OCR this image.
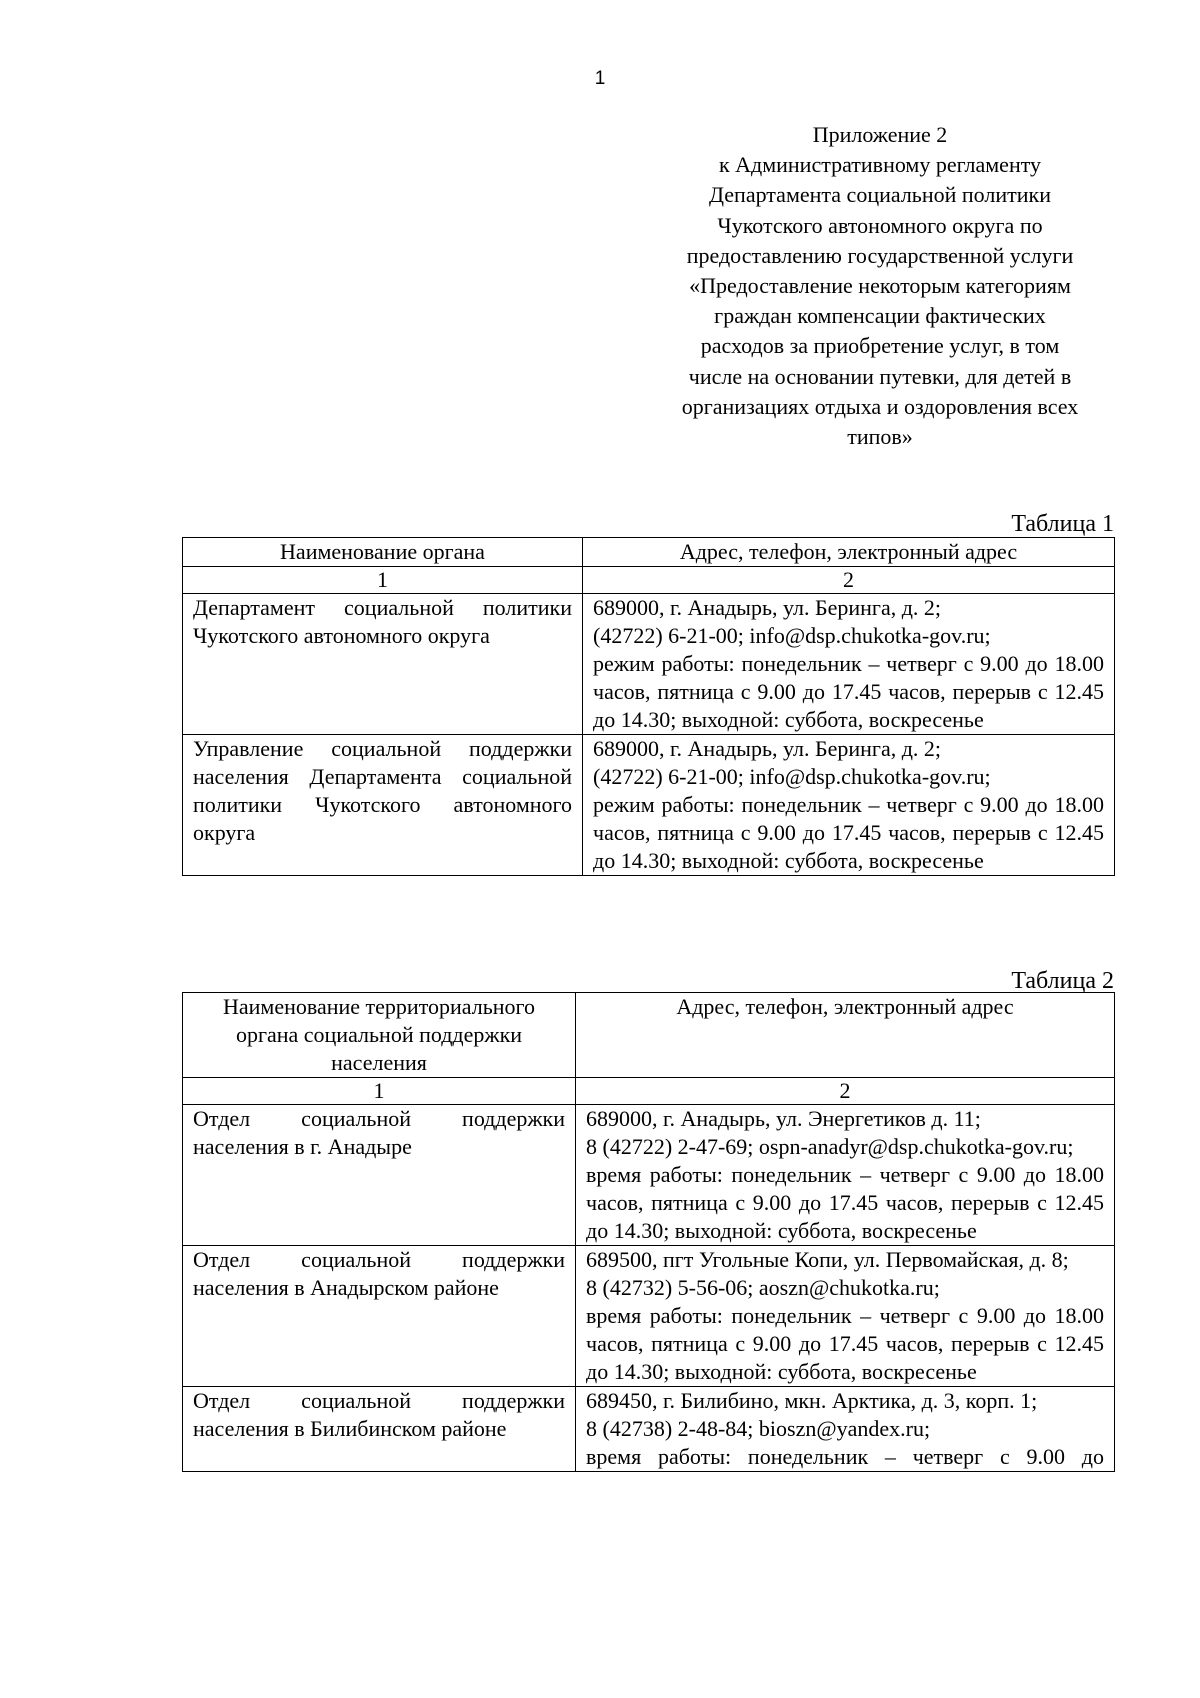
1
Приложение 2
к Административному регламенту
Департамента социальной политики
Чукотского автономного округа по
предоставлению государственной услуги
«Предоставление некоторым категориям
граждан компенсации фактических
расходов за приобретение услуг, в том
числе на основании путевки, для детей в
организациях отдыха и оздоровления всех
типов»
Таблица 1
Наименование органа	Адрес, телефон, электронный адрес
1	2
Департамент социальной политики Чукотского автономного округа	689000, г. Анадырь, ул. Беринга, д. 2;
(42722) 6-21-00; info@dsp.chukotka-gov.ru;
режим работы: понедельник – четверг с 9.00 до 18.00 часов, пятница с 9.00 до 17.45 часов, перерыв с 12.45 до 14.30; выходной: суббота, воскресенье

Управление социальной поддержки населения Департамента социальной политики Чукотского автономного округа	689000, г. Анадырь, ул. Беринга, д. 2;
(42722) 6-21-00; info@dsp.chukotka-gov.ru;
режим работы: понедельник – четверг с 9.00 до 18.00 часов, пятница с 9.00 до 17.45 часов, перерыв с 12.45 до 14.30; выходной: суббота, воскресенье
Таблица 2
Наименование территориального органа социальной поддержки населения	Адрес, телефон, электронный адрес
1	2
Отдел социальной поддержки населения в г. Анадыре	689000, г. Анадырь, ул. Энергетиков д. 11;
8 (42722) 2-47-69; ospn-anadyr@dsp.chukotka-gov.ru;
время работы: понедельник – четверг с 9.00 до 18.00 часов, пятница с 9.00 до 17.45 часов, перерыв с 12.45 до 14.30; выходной: суббота, воскресенье

Отдел социальной поддержки населения в Анадырском районе	689500, пгт Угольные Копи, ул. Первомайская, д. 8;
8 (42732) 5-56-06; aoszn@chukotka.ru;
время работы: понедельник – четверг с 9.00 до 18.00 часов, пятница с 9.00 до 17.45 часов, перерыв с 12.45 до 14.30; выходной: суббота, воскресенье

Отдел социальной поддержки населения в Билибинском районе	689450, г. Билибино, мкн. Арктика, д. 3, корп. 1;
8 (42738) 2-48-84; bioszn@yandex.ru;
время работы: понедельник – четверг с 9.00 до
